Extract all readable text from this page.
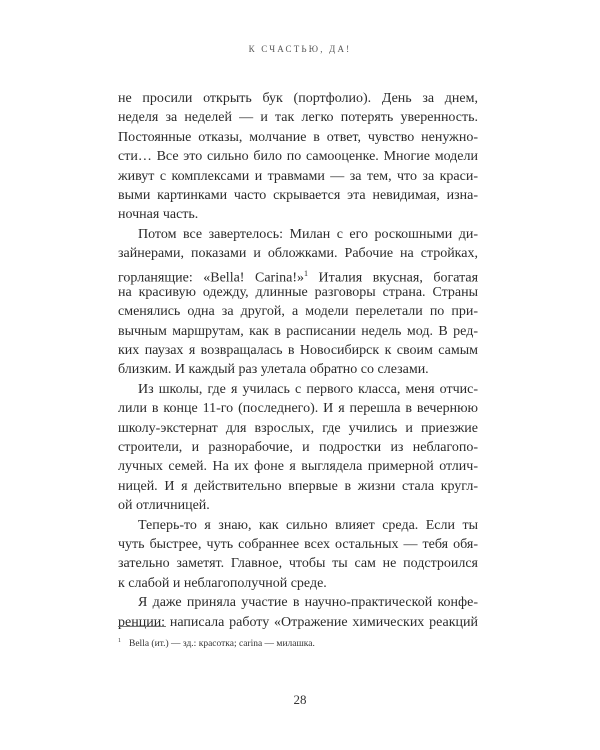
К СЧАСТЬЮ, ДА!
не просили открыть бук (портфолио). День за днем,
неделя за неделей — и так легко потерять уверенность.
Постоянные отказы, молчание в ответ, чувство ненужно-
сти… Все это сильно било по самооценке. Многие модели
живут с комплексами и травмами — за тем, что за краси-
выми картинками часто скрывается эта невидимая, изна-
ночная часть.
Потом все завертелось: Милан с его роскошными ди-
зайнерами, показами и обложками. Рабочие на стройках,
горланящие: «Bella! Carina!»$^1$ Италия вкусная, богатая
на красивую одежду, длинные разговоры страна. Страны
сменялись одна за другой, а модели перелетали по при-
вычным маршрутам, как в расписании недель мод. В ред-
ких паузах я возвращалась в Новосибирск к своим самым
близким. И каждый раз улетала обратно со слезами.
Из школы, где я училась с первого класса, меня отчис-
лили в конце 11-го (последнего). И я перешла в вечернюю
школу-экстернат для взрослых, где учились и приезжие
строители, и разнорабочие, и подростки из неблагопо-
лучных семей. На их фоне я выглядела примерной отлич-
ницей. И я действительно впервые в жизни стала кругл-
ой отличницей.
Теперь-то я знаю, как сильно влияет среда. Если ты
чуть быстрее, чуть собраннее всех остальных — тебя обя-
зательно заметят. Главное, чтобы ты сам не подстроился
к слабой и неблагополучной среде.
Я даже приняла участие в научно-практической конфе-
ренции: написала работу «Отражение химических реакций
$^1$ Bella (ит.) — зд.: красотка; carina — милашка.
28
